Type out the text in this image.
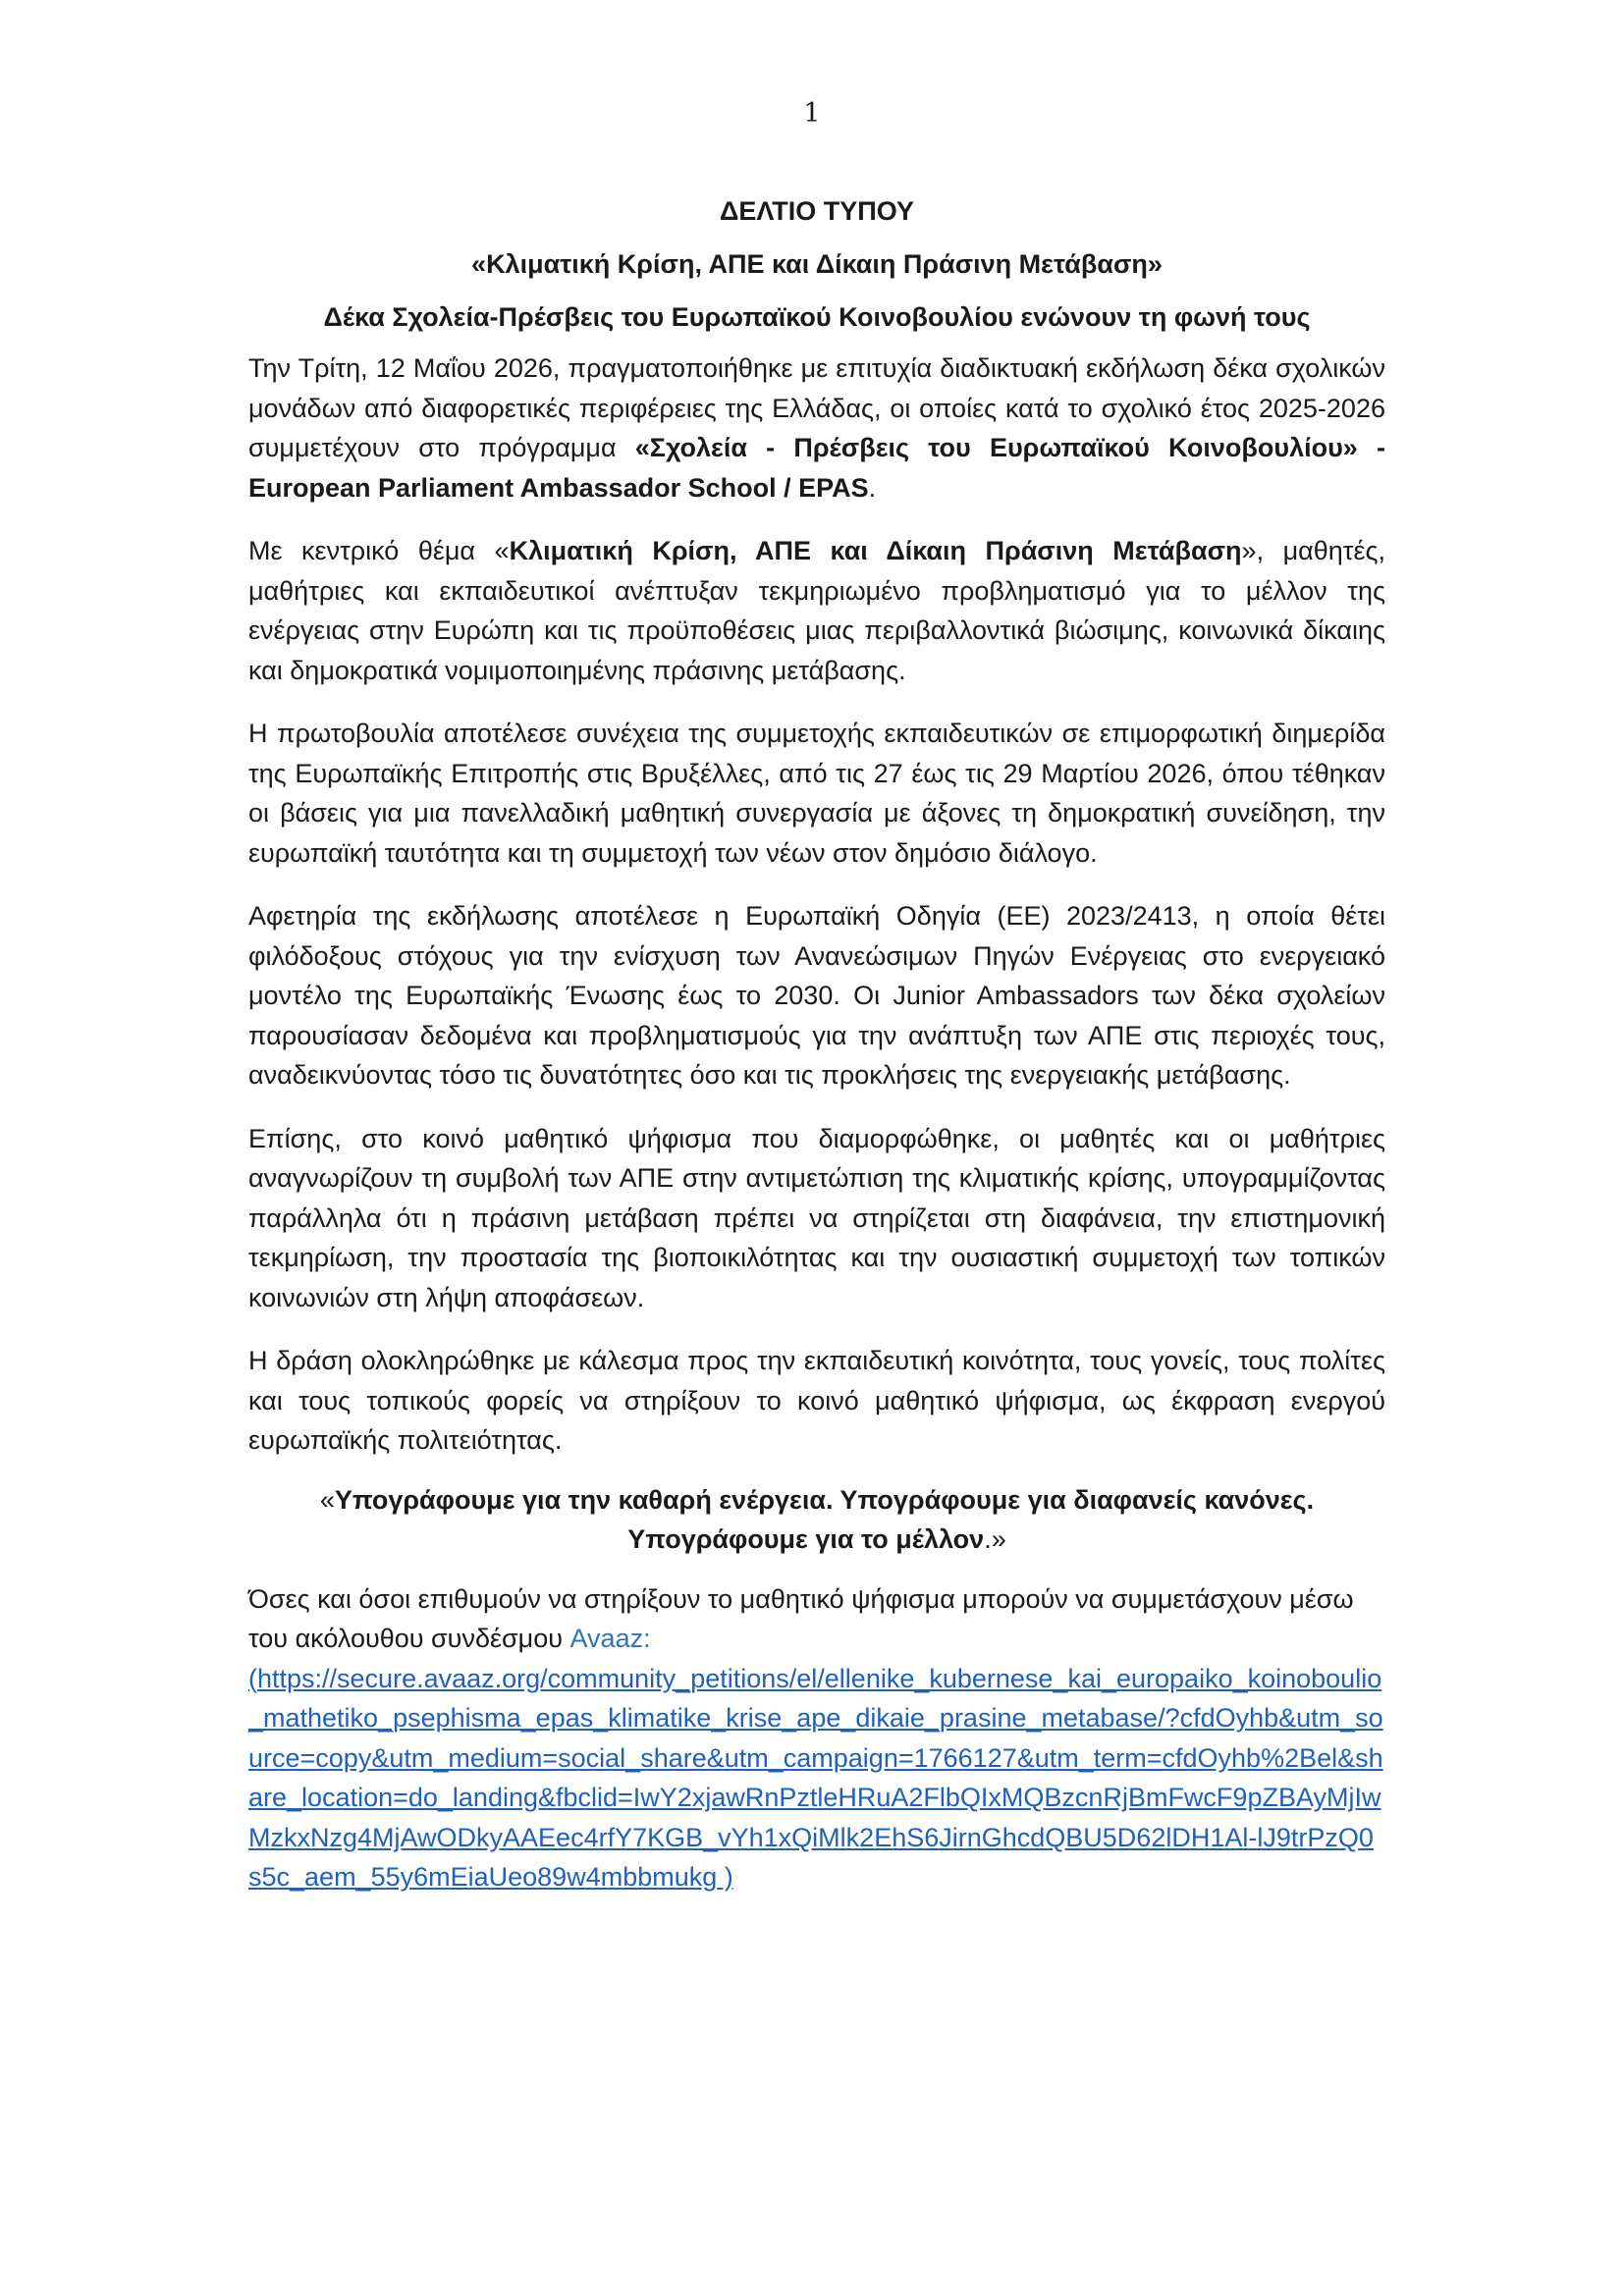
1
ΔΕΛΤΙΟ ΤΥΠΟΥ
«Κλιματική Κρίση, ΑΠΕ και Δίκαιη Πράσινη Μετάβαση»
Δέκα Σχολεία-Πρέσβεις του Ευρωπαϊκού Κοινοβουλίου ενώνουν τη φωνή τους

Την Τρίτη, 12 Μαΐου 2026, πραγματοποιήθηκε με επιτυχία διαδικτυακή εκδήλωση δέκα σχολικών μονάδων από διαφορετικές περιφέρειες της Ελλάδας, οι οποίες κατά το σχολικό έτος 2025-2026 συμμετέχουν στο πρόγραμμα «Σχολεία - Πρέσβεις του Ευρωπαϊκού Κοινοβουλίου» - European Parliament Ambassador School / EPAS.

Με κεντρικό θέμα «Κλιματική Κρίση, ΑΠΕ και Δίκαιη Πράσινη Μετάβαση», μαθητές, μαθήτριες και εκπαιδευτικοί ανέπτυξαν τεκμηριωμένο προβληματισμό για το μέλλον της ενέργειας στην Ευρώπη και τις προϋποθέσεις μιας περιβαλλοντικά βιώσιμης, κοινωνικά δίκαιης και δημοκρατικά νομιμοποιημένης πράσινης μετάβασης.

Η πρωτοβουλία αποτέλεσε συνέχεια της συμμετοχής εκπαιδευτικών σε επιμορφωτική διημερίδα της Ευρωπαϊκής Επιτροπής στις Βρυξέλλες, από τις 27 έως τις 29 Μαρτίου 2026, όπου τέθηκαν οι βάσεις για μια πανελλαδική μαθητική συνεργασία με άξονες τη δημοκρατική συνείδηση, την ευρωπαϊκή ταυτότητα και τη συμμετοχή των νέων στον δημόσιο διάλογο.

Αφετηρία της εκδήλωσης αποτέλεσε η Ευρωπαϊκή Οδηγία (ΕΕ) 2023/2413, η οποία θέτει φιλόδοξους στόχους για την ενίσχυση των Ανανεώσιμων Πηγών Ενέργειας στο ενεργειακό μοντέλο της Ευρωπαϊκής Ένωσης έως το 2030. Οι Junior Ambassadors των δέκα σχολείων παρουσίασαν δεδομένα και προβληματισμούς για την ανάπτυξη των ΑΠΕ στις περιοχές τους, αναδεικνύοντας τόσο τις δυνατότητες όσο και τις προκλήσεις της ενεργειακής μετάβασης.

Επίσης, στο κοινό μαθητικό ψήφισμα που διαμορφώθηκε, οι μαθητές και οι μαθήτριες αναγνωρίζουν τη συμβολή των ΑΠΕ στην αντιμετώπιση της κλιματικής κρίσης, υπογραμμίζοντας παράλληλα ότι η πράσινη μετάβαση πρέπει να στηρίζεται στη διαφάνεια, την επιστημονική τεκμηρίωση, την προστασία της βιοποικιλότητας και την ουσιαστική συμμετοχή των τοπικών κοινωνιών στη λήψη αποφάσεων.

Η δράση ολοκληρώθηκε με κάλεσμα προς την εκπαιδευτική κοινότητα, τους γονείς, τους πολίτες και τους τοπικούς φορείς να στηρίξουν το κοινό μαθητικό ψήφισμα, ως έκφραση ενεργού ευρωπαϊκής πολιτειότητας.

«Υπογράφουμε για την καθαρή ενέργεια. Υπογράφουμε για διαφανείς κανόνες.
Υπογράφουμε για το μέλλον.»
Όσες και όσοι επιθυμούν να στηρίξουν το μαθητικό ψήφισμα μπορούν να συμμετάσχουν μέσω του ακόλουθου συνδέσμου Avaaz:
(https://secure.avaaz.org/community_petitions/el/ellenike_kubernese_kai_europaiko_koinoboulio_mathetiko_psephisma_epas_klimatike_krise_ape_dikaie_prasine_metabase/?cfdOyhb&utm_source=copy&utm_medium=social_share&utm_campaign=1766127&utm_term=cfdOyhb%2Bel&share_location=do_landing&fbclid=IwY2xjawRnPztleHRuA2FlbQIxMQBzcnRjBmFwcF9pZBAyMjIwMzkxNzg4MjAwODkyAAEec4rfY7KGB_vYh1xQiMlk2EhS6JirnGhcdQBU5D62lDH1Al-lJ9trPzQ0s5c_aem_55y6mEiaUeo89w4mbbmukg )
